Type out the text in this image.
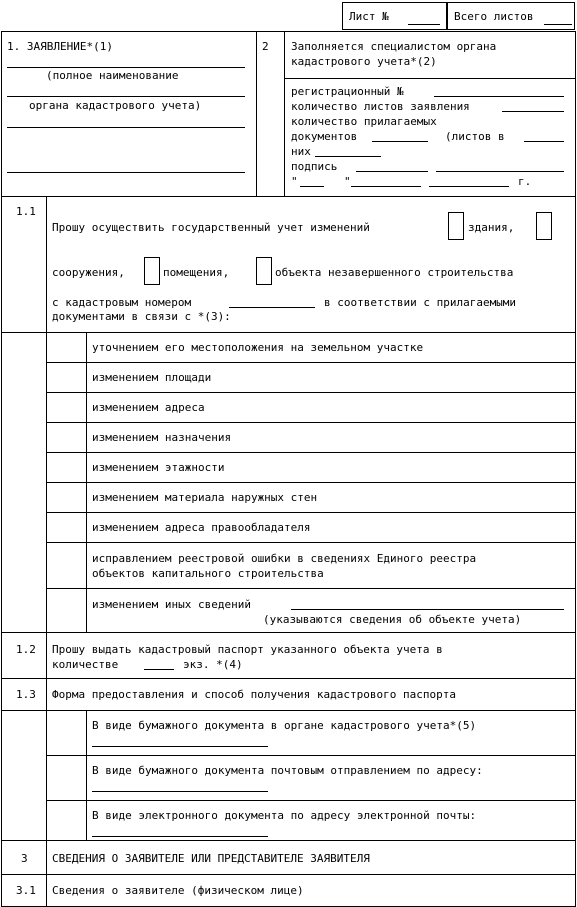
Лист №	Всего листов
1. ЗАЯВЛЕНИЕ*(1)
(полное наименование
органа кадастрового учета)
2 Заполняется специалистом органа
кадастрового учета*(2)
регистрационный №
количество листов заявления
количество прилагаемых
документов	(листов в
них
подпись
"	"	г.
1.1
Прошу осуществить государственный учет изменений	здания,
сооружения,	помещения,	объекта незавершенного строительства
с кадастровым номером	в соответствии с прилагаемыми
документами в связи с *(3):
уточнением его местоположения на земельном участке
изменением площади
изменением адреса
изменением назначения
изменением этажности
изменением материала наружных стен
изменением адреса правообладателя
исправлением реестровой ошибки в сведениях Единого реестра
объектов капитального строительства
изменением иных сведений
(указываются сведения об объекте учета)
1.2 Прошу выдать кадастровый паспорт указанного объекта учета в
количестве	экз. *(4)
1.3 Форма предоставления и способ получения кадастрового паспорта
В виде бумажного документа в органе кадастрового учета*(5)
В виде бумажного документа почтовым отправлением по адресу:
В виде электронного документа по адресу электронной почты:
3 СВЕДЕНИЯ О ЗАЯВИТЕЛЕ ИЛИ ПРЕДСТАВИТЕЛЕ ЗАЯВИТЕЛЯ
3.1 Сведения о заявителе (физическом лице)
